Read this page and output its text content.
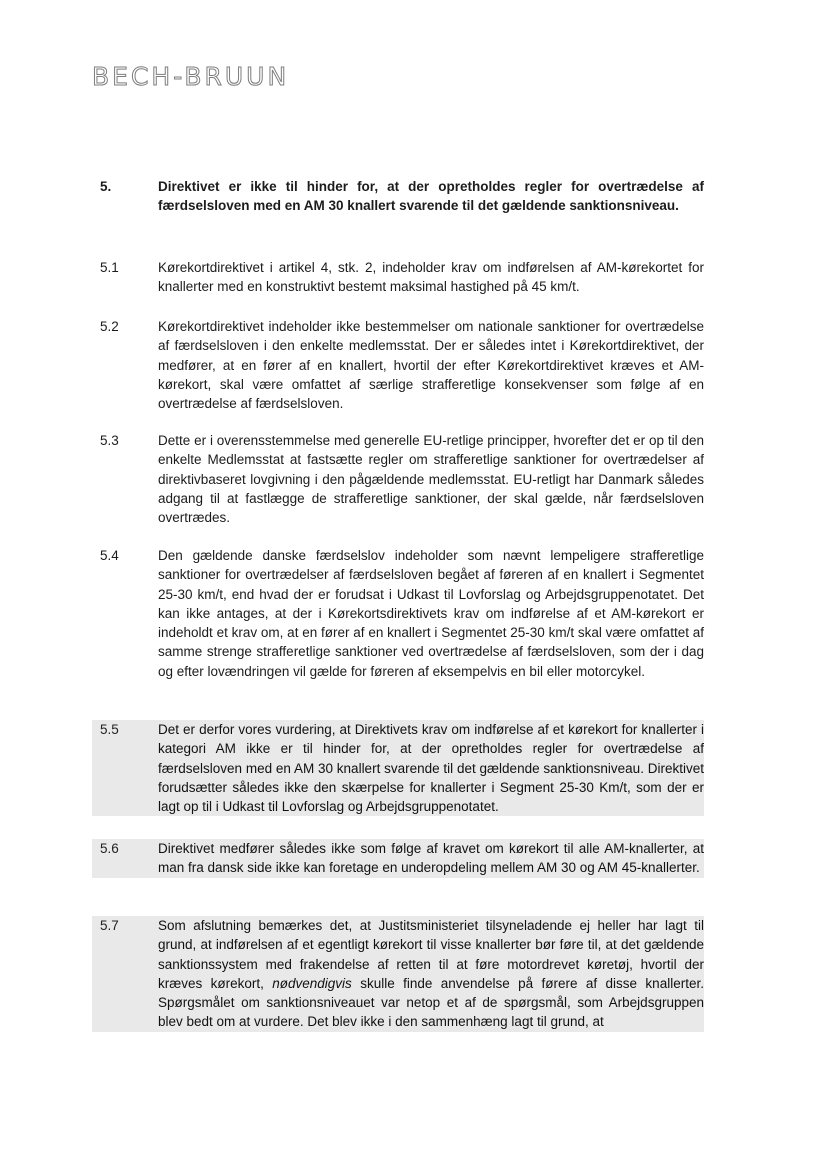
BECH-BRUUN
5.	Direktivet er ikke til hinder for, at der opretholdes regler for overtrædelse af færdselsloven med en AM 30 knallert svarende til det gældende sanktionsniveau.
5.1	Kørekortdirektivet i artikel 4, stk. 2, indeholder krav om indførelsen af AM-kørekortet for knallerter med en konstruktivt bestemt maksimal hastighed på 45 km/t.
5.2	Kørekortdirektivet indeholder ikke bestemmelser om nationale sanktioner for overtrædelse af færdselsloven i den enkelte medlemsstat. Der er således intet i Kørekortdirektivet, der medfører, at en fører af en knallert, hvortil der efter Kørekortdirektivet kræves et AM-kørekort, skal være omfattet af særlige strafferetlige konsekvenser som følge af en overtrædelse af færdselsloven.
5.3	Dette er i overensstemmelse med generelle EU-retlige principper, hvorefter det er op til den enkelte Medlemsstat at fastsætte regler om strafferetlige sanktioner for overtrædelser af direktivbaseret lovgivning i den pågældende medlemsstat. EU-retligt har Danmark således adgang til at fastlægge de strafferetlige sanktioner, der skal gælde, når færdselsloven overtrædes.
5.4	Den gældende danske færdselslov indeholder som nævnt lempeligere strafferetlige sanktioner for overtrædelser af færdselsloven begået af føreren af en knallert i Segmentet 25-30 km/t, end hvad der er forudsat i Udkast til Lovforslag og Arbejdsgruppenotatet. Det kan ikke antages, at der i Kørekortsdirektivets krav om indførelse af et AM-kørekort er indeholdt et krav om, at en fører af en knallert i Segmentet 25-30 km/t skal være omfattet af samme strenge strafferetlige sanktioner ved overtrædelse af færdselsloven, som der i dag og efter lovændringen vil gælde for føreren af eksempelvis en bil eller motorcykel.
5.5	Det er derfor vores vurdering, at Direktivets krav om indførelse af et kørekort for knallerter i kategori AM ikke er til hinder for, at der opretholdes regler for overtrædelse af færdselsloven med en AM 30 knallert svarende til det gældende sanktionsniveau. Direktivet forudsætter således ikke den skærpelse for knallerter i Segment 25-30 Km/t, som der er lagt op til i Udkast til Lovforslag og Arbejdsgruppenotatet.
5.6	Direktivet medfører således ikke som følge af kravet om kørekort til alle AM-knallerter, at man fra dansk side ikke kan foretage en underopdeling mellem AM 30 og AM 45-knallerter.
5.7	Som afslutning bemærkes det, at Justitsministeriet tilsyneladende ej heller har lagt til grund, at indførelsen af et egentligt kørekort til visse knallerter bør føre til, at det gældende sanktionssystem med frakendelse af retten til at føre motordrevet køretøj, hvortil der kræves kørekort, nødvendigvis skulle finde anvendelse på førere af disse knallerter. Spørgsmålet om sanktionsniveauet var netop et af de spørgsmål, som Arbejdsgruppen blev bedt om at vurdere. Det blev ikke i den sammenhæng lagt til grund, at
